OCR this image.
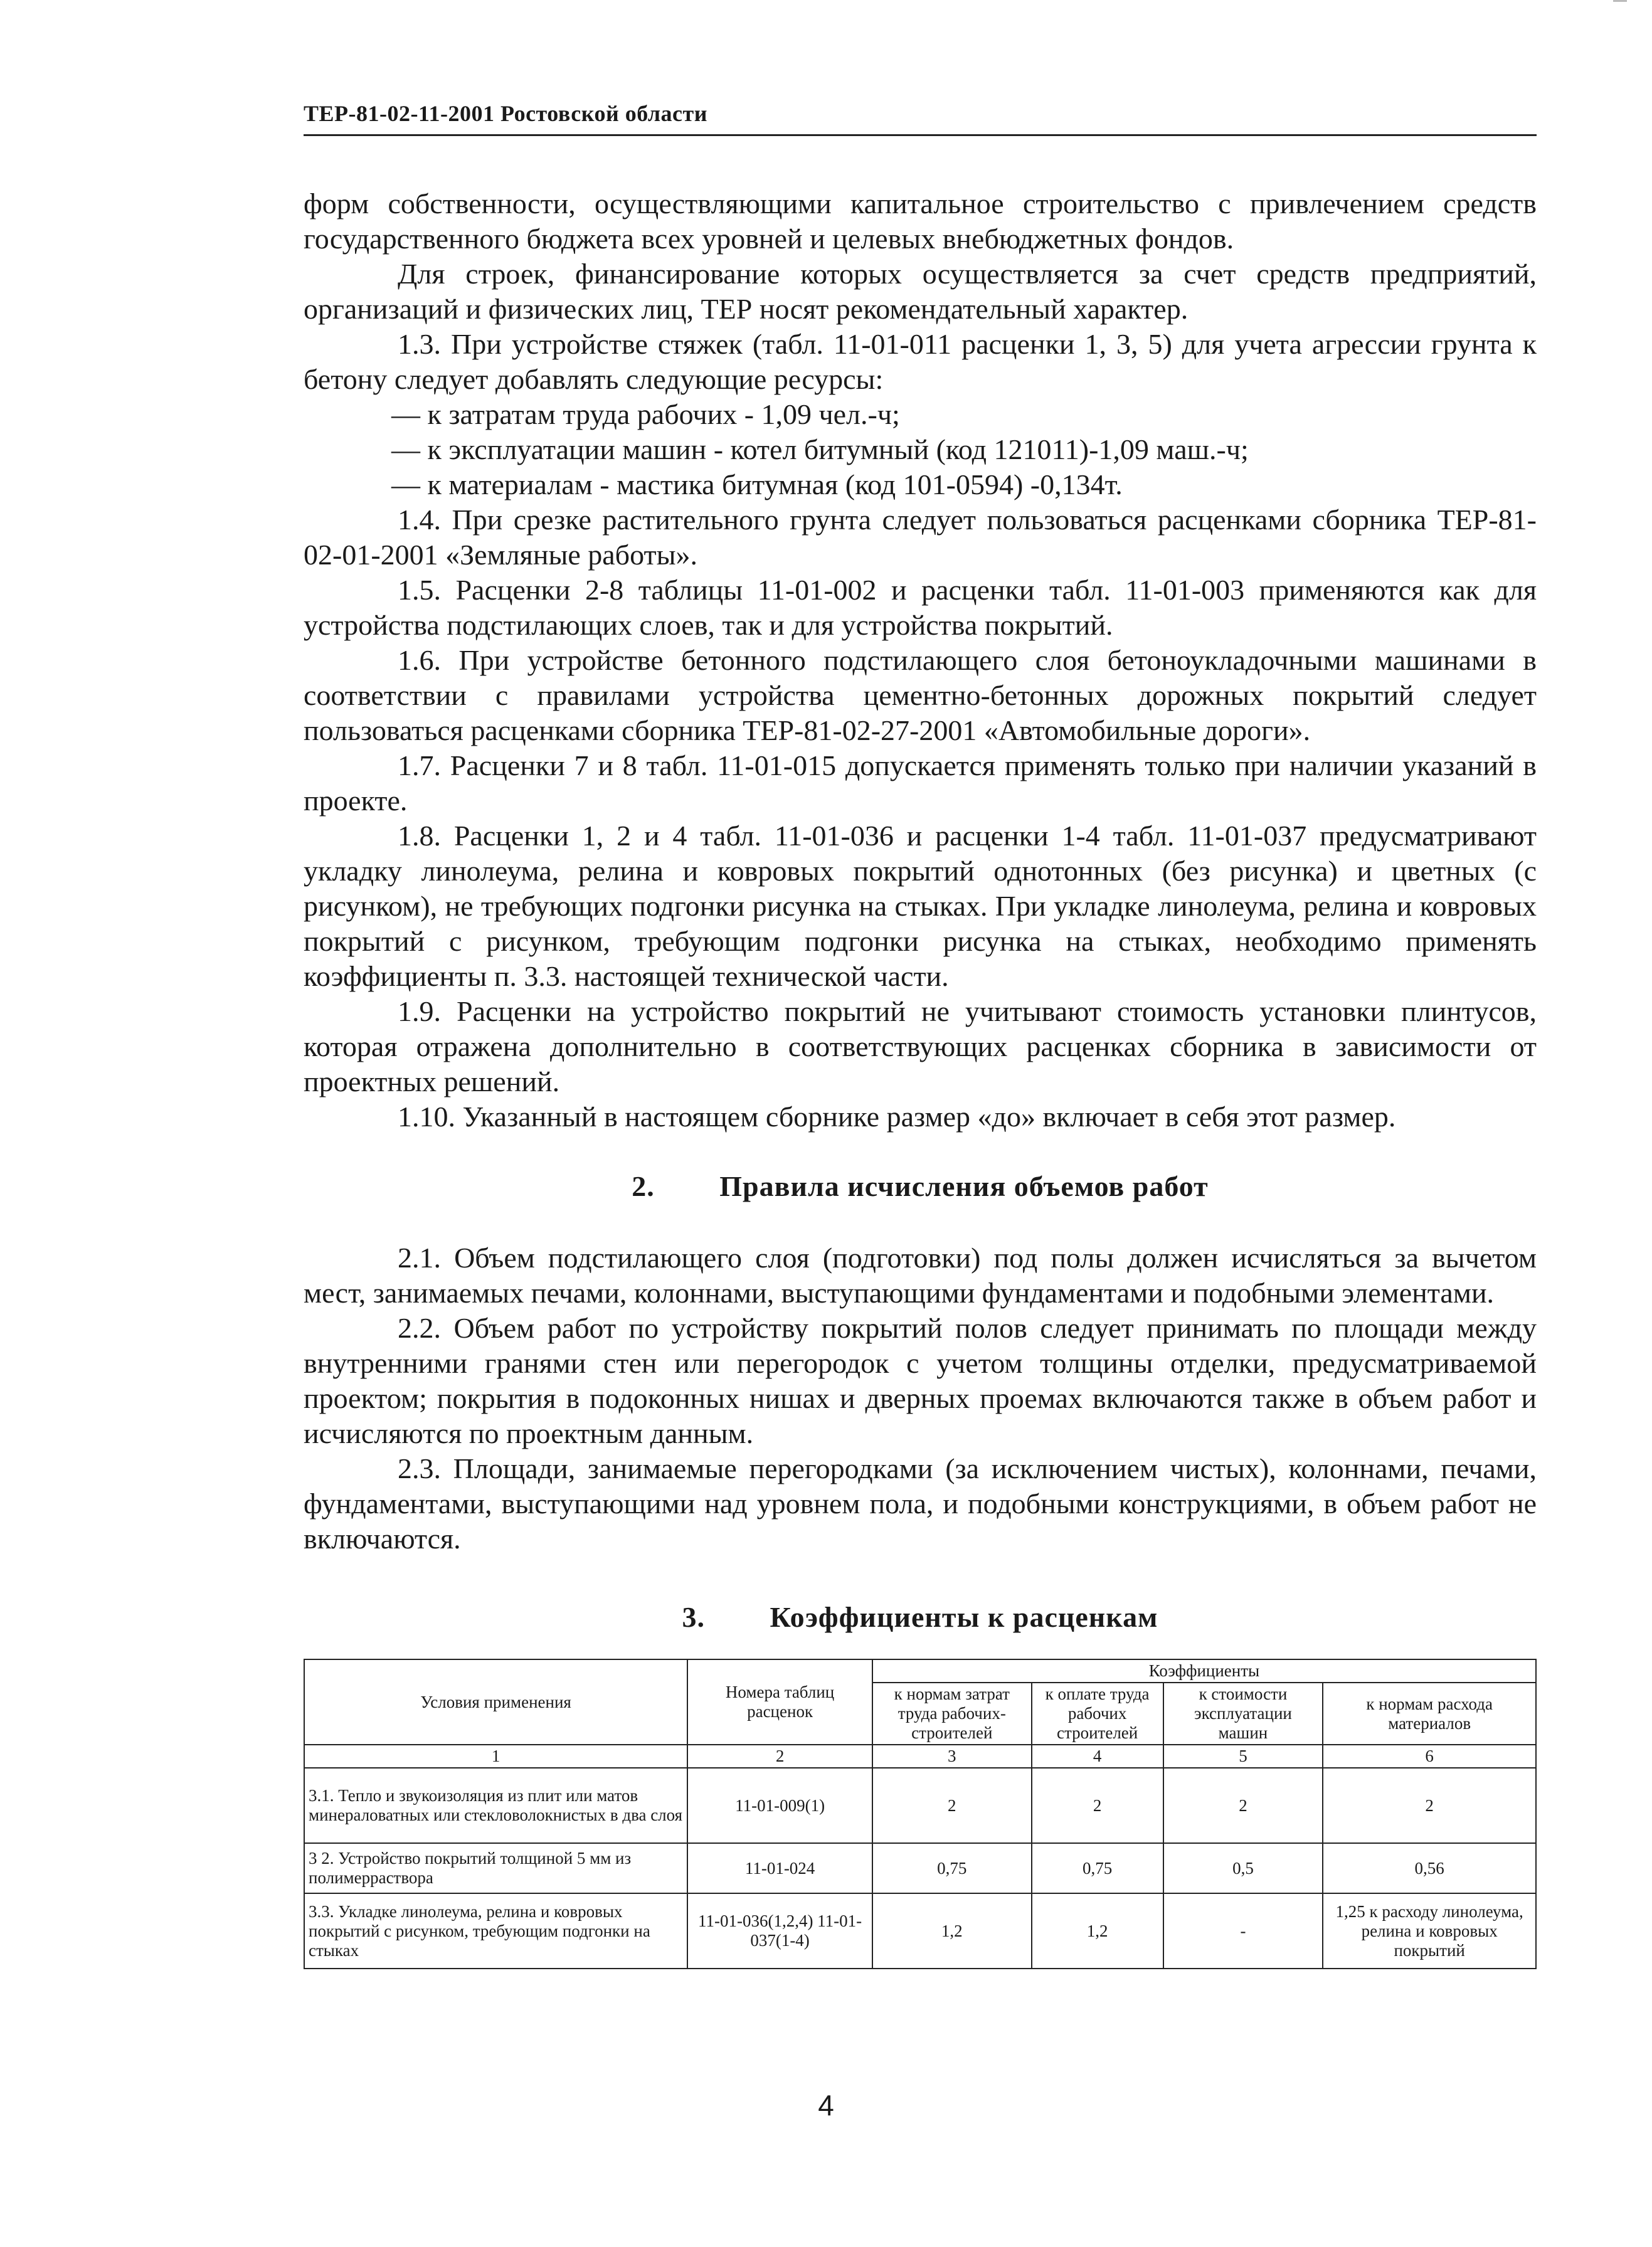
ТЕР-81-02-11-2001 Ростовской области

форм собственности, осуществляющими капитальное строительство с привлечением средств государственного бюджета всех уровней и целевых внебюджетных фондов.

Для строек, финансирование которых осуществляется за счет средств предприятий, организаций и физических лиц, ТЕР носят рекомендательный характер.

1.3. При устройстве стяжек (табл. 11-01-011 расценки 1, 3, 5) для учета агрессии грунта к бетону следует добавлять следующие ресурсы:

— к затратам труда рабочих - 1,09 чел.-ч;

— к эксплуатации машин - котел битумный (код 121011)-1,09 маш.-ч;

— к материалам - мастика битумная (код 101-0594) -0,134т.

1.4. При срезке растительного грунта следует пользоваться расценками сборника ТЕР-81-02-01-2001 «Земляные работы».

1.5. Расценки 2-8 таблицы 11-01-002 и расценки табл. 11-01-003 применяются как для устройства подстилающих слоев, так и для устройства покрытий.

1.6. При устройстве бетонного подстилающего слоя бетоноукладочными машинами в соответствии с правилами устройства цементно-бетонных дорожных покрытий следует пользоваться расценками сборника ТЕР-81-02-27-2001 «Автомобильные дороги».

1.7. Расценки 7 и 8 табл. 11-01-015 допускается применять только при наличии указаний в проекте.

1.8. Расценки 1, 2 и 4 табл. 11-01-036 и расценки 1-4 табл. 11-01-037 предусматривают укладку линолеума, релина и ковровых покрытий однотонных (без рисунка) и цветных (с рисунком), не требующих подгонки рисунка на стыках. При укладке линолеума, релина и ковровых покрытий с рисунком, требующим подгонки рисунка на стыках, необходимо применять коэффициенты п. 3.3. настоящей технической части.

1.9. Расценки на устройство покрытий не учитывают стоимость установки плинтусов, которая отражена дополнительно в соответствующих расценках сборника в зависимости от проектных решений.

1.10. Указанный в настоящем сборнике размер «до» включает в себя этот размер.

2. Правила исчисления объемов работ

2.1. Объем подстилающего слоя (подготовки) под полы должен исчисляться за вычетом мест, занимаемых печами, колоннами, выступающими фундаментами и подобными элементами.

2.2. Объем работ по устройству покрытий полов следует принимать по площади между внутренними гранями стен или перегородок с учетом толщины отделки, предусматриваемой проектом; покрытия в подоконных нишах и дверных проемах включаются также в объем работ и исчисляются по проектным данным.

2.3. Площади, занимаемые перегородками (за исключением чистых), колоннами, печами, фундаментами, выступающими над уровнем пола, и подобными конструкциями, в объем работ не включаются.

3. Коэффициенты к расценкам
Условия применения	Номера таблиц расценок	Коэффициенты			
		к нормам затрат труда рабочих-строителей	к оплате труда рабочих строителей	к стоимости эксплуатации машин	к нормам расхода материалов
1	2	3	4	5	6
3.1. Тепло и звукоизоляция из плит или матов минераловатных или стекловолокнистых в два слоя	11-01-009(1)	2	2	2	2
3 2. Устройство покрытий толщиной 5 мм из полимерраствора	11-01-024	0,75	0,75	0,5	0,56
3.3. Укладке линолеума, релина и ковровых покрытий с рисунком, требующим подгонки на стыках	11-01-036(1,2,4) 11-01-037(1-4)	1,2	1,2	-	1,25 к расходу линолеума, релина и ковровых покрытий
4
